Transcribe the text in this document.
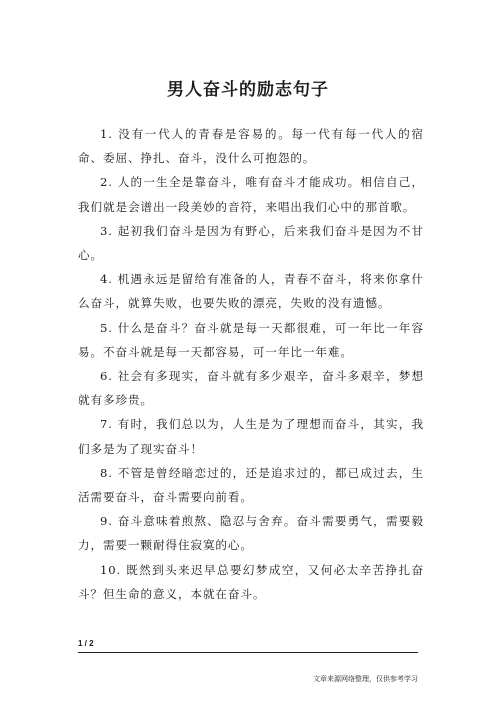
男人奋斗的励志句子

1. 没有一代人的青春是容易的。每一代有每一代人的宿命、委屈、挣扎、奋斗，没什么可抱怨的。

2. 人的一生全是靠奋斗，唯有奋斗才能成功。相信自己，我们就是会谱出一段美妙的音符，来唱出我们心中的那首歌。

3. 起初我们奋斗是因为有野心，后来我们奋斗是因为不甘心。

4. 机遇永远是留给有准备的人，青春不奋斗，将来你拿什么奋斗，就算失败，也要失败的漂亮，失败的没有遗憾。

5. 什么是奋斗？奋斗就是每一天都很难，可一年比一年容易。不奋斗就是每一天都容易，可一年比一年难。

6. 社会有多现实，奋斗就有多少艰辛，奋斗多艰辛，梦想就有多珍贵。

7. 有时，我们总以为，人生是为了理想而奋斗，其实，我们多是为了现实奋斗！

8. 不管是曾经暗恋过的，还是追求过的，都已成过去，生活需要奋斗，奋斗需要向前看。

9. 奋斗意味着煎熬、隐忍与舍弃。奋斗需要勇气，需要毅力，需要一颗耐得住寂寞的心。

10. 既然到头来迟早总要幻梦成空，又何必太辛苦挣扎奋斗？但生命的意义，本就在奋斗。

1 / 2
文章来源网络整理，仅供参考学习
